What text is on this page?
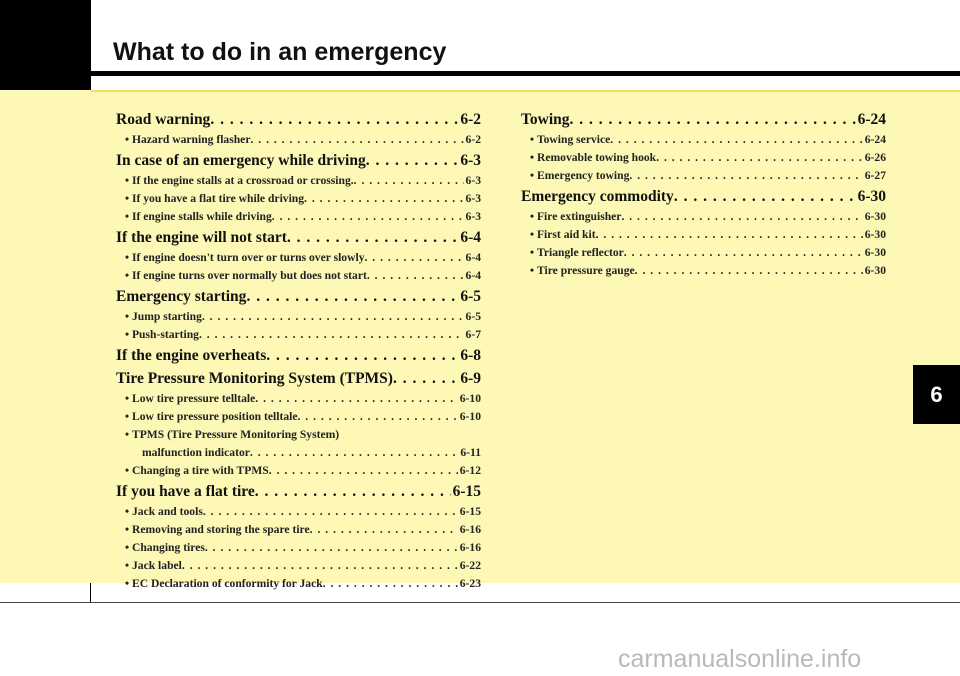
What to do in an emergency
Road warning . . .	6-2
• Hazard warning flasher . . .	6-2
In case of an emergency while driving . . .	6-3
• If the engine stalls at a crossroad or crossing. . . .	6-3
• If you have a flat tire while driving . . .	6-3
• If engine stalls while driving . . .	6-3
If the engine will not start . . .	6-4
• If engine doesn't turn over or turns over slowly . . .	6-4
• If engine turns over normally but does not start . . .	6-4
Emergency starting . . .	6-5
• Jump starting . . .	6-5
• Push-starting . . .	6-7
If the engine overheats . . .	6-8
Tire Pressure Monitoring System (TPMS) . . .	6-9
• Low tire pressure telltale . . .	6-10
• Low tire pressure position telltale . . .	6-10
• TPMS (Tire Pressure Monitoring System)
malfunction indicator . . .	6-11
• Changing a tire with TPMS . . .	6-12
If you have a flat tire . . .	6-15
• Jack and tools . . .	6-15
• Removing and storing the spare tire . . .	6-16
• Changing tires . . .	6-16
• Jack label . . .	6-22
• EC Declaration of conformity for Jack . . .	6-23
Towing . . .	6-24
• Towing service . . .	6-24
• Removable towing hook . . .	6-26
• Emergency towing . . .	6-27
Emergency commodity . . .	6-30
• Fire extinguisher . . .	6-30
• First aid kit . . .	6-30
• Triangle reflector . . .	6-30
• Tire pressure gauge . . .	6-30
6
carmanualsonline.info
